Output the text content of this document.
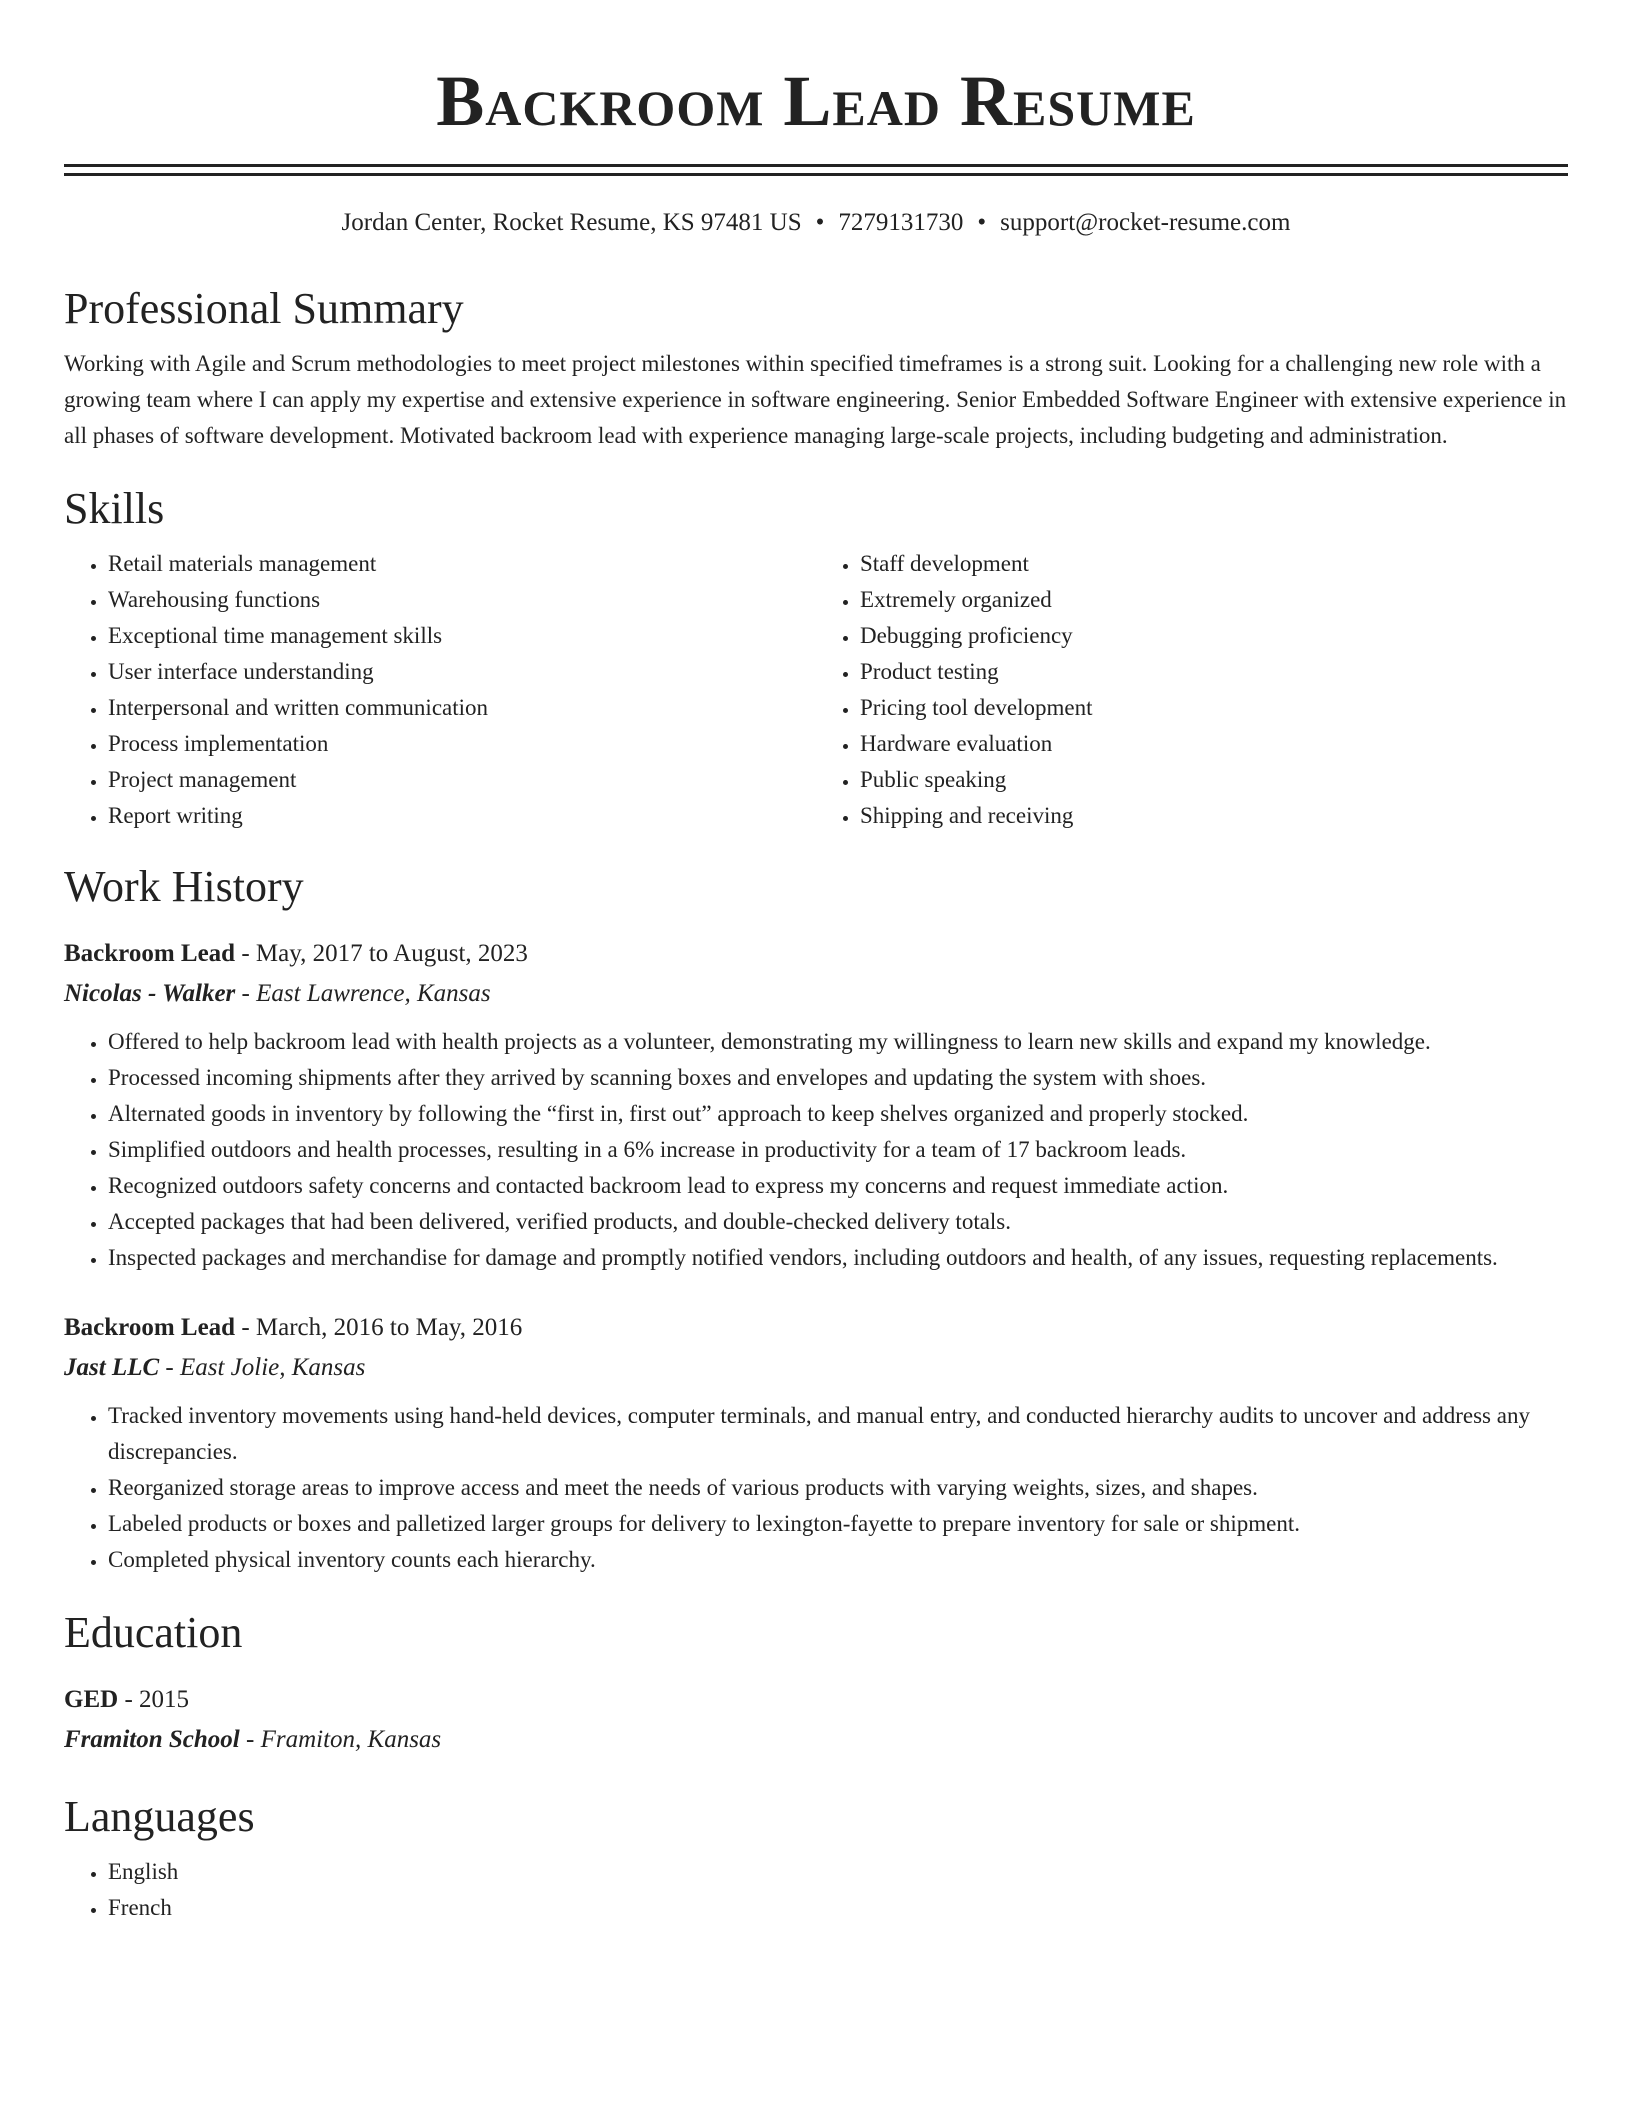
Backroom Lead Resume
Jordan Center, Rocket Resume, KS 97481 US • 7279131730 • support@rocket-resume.com
Professional Summary

Working with Agile and Scrum methodologies to meet project milestones within specified timeframes is a strong suit. Looking for a challenging new role with a growing team where I can apply my expertise and extensive experience in software engineering. Senior Embedded Software Engineer with extensive experience in all phases of software development. Motivated backroom lead with experience managing large-scale projects, including budgeting and administration.

Skills
• Retail materials management
• Warehousing functions
• Exceptional time management skills
• User interface understanding
• Interpersonal and written communication
• Process implementation
• Project management
• Report writing
• Staff development
• Extremely organized
• Debugging proficiency
• Product testing
• Pricing tool development
• Hardware evaluation
• Public speaking
• Shipping and receiving
Work History
Backroom Lead - May, 2017 to August, 2023
Nicolas - Walker - East Lawrence, Kansas
• Offered to help backroom lead with health projects as a volunteer, demonstrating my willingness to learn new skills and expand my knowledge.
• Processed incoming shipments after they arrived by scanning boxes and envelopes and updating the system with shoes.
• Alternated goods in inventory by following the “first in, first out” approach to keep shelves organized and properly stocked.
• Simplified outdoors and health processes, resulting in a 6% increase in productivity for a team of 17 backroom leads.
• Recognized outdoors safety concerns and contacted backroom lead to express my concerns and request immediate action.
• Accepted packages that had been delivered, verified products, and double-checked delivery totals.
• Inspected packages and merchandise for damage and promptly notified vendors, including outdoors and health, of any issues, requesting replacements.
Backroom Lead - March, 2016 to May, 2016
Jast LLC - East Jolie, Kansas
• Tracked inventory movements using hand-held devices, computer terminals, and manual entry, and conducted hierarchy audits to uncover and address any discrepancies.
• Reorganized storage areas to improve access and meet the needs of various products with varying weights, sizes, and shapes.
• Labeled products or boxes and palletized larger groups for delivery to lexington-fayette to prepare inventory for sale or shipment.
• Completed physical inventory counts each hierarchy.
Education
GED - 2015
Framiton School - Framiton, Kansas
Languages
• English
• French
